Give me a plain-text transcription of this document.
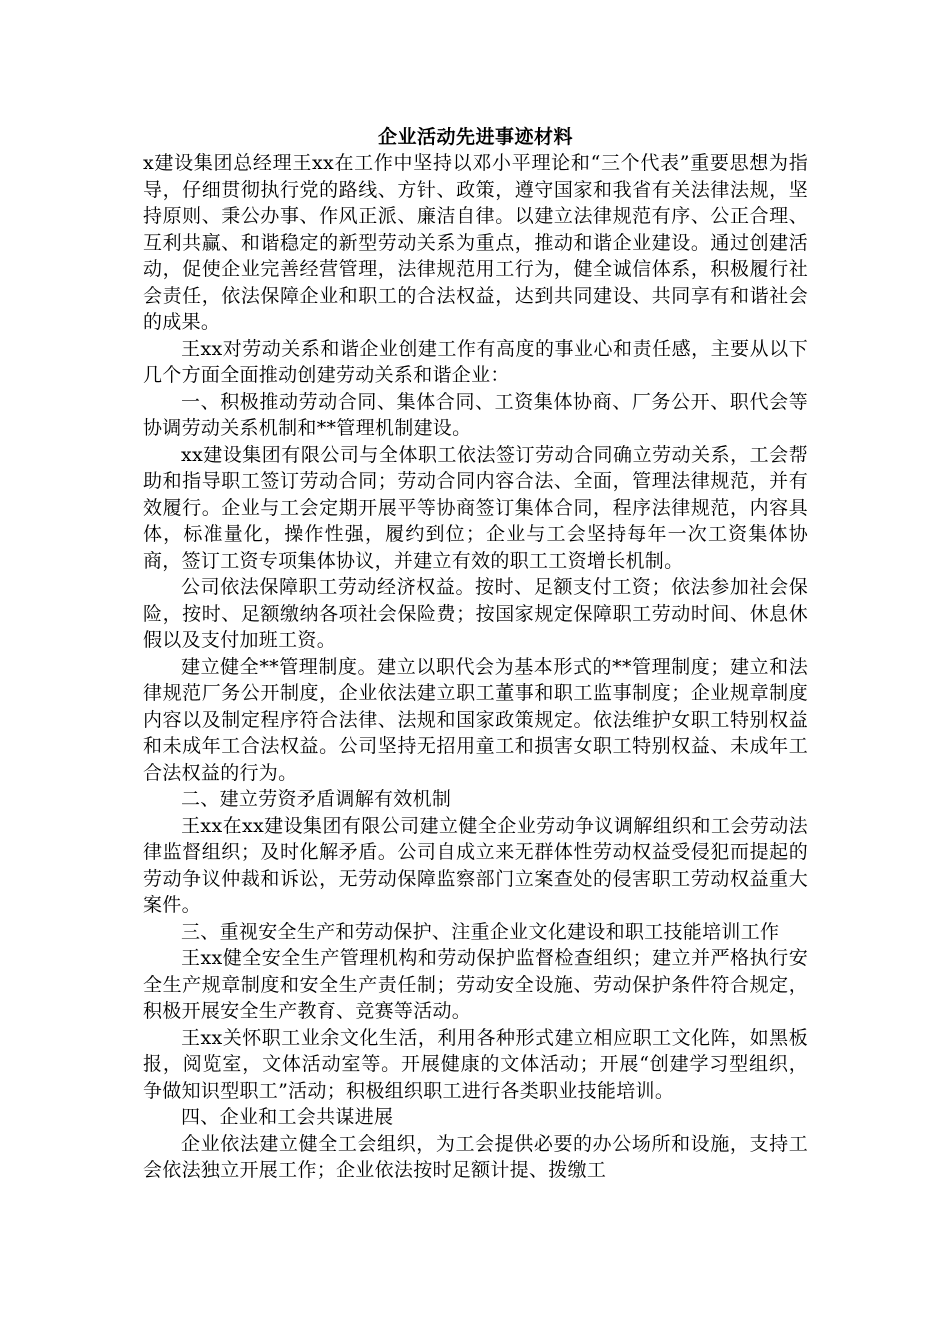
企业活动先进事迹材料

x建设集团总经理王xx在工作中坚持以邓小平理论和“三个代表”重要思想为指导，仔细贯彻执行党的路线、方针、政策，遵守国家和我省有关法律法规，坚持原则、秉公办事、作风正派、廉洁自律。以建立法律规范有序、公正合理、互利共赢、和谐稳定的新型劳动关系为重点，推动和谐企业建设。通过创建活动，促使企业完善经营管理，法律规范用工行为，健全诚信体系，积极履行社会责任，依法保障企业和职工的合法权益，达到共同建设、共同享有和谐社会的成果。

王xx对劳动关系和谐企业创建工作有高度的事业心和责任感，主要从以下几个方面全面推动创建劳动关系和谐企业：

一、积极推动劳动合同、集体合同、工资集体协商、厂务公开、职代会等协调劳动关系机制和**管理机制建设。

xx建设集团有限公司与全体职工依法签订劳动合同确立劳动关系，工会帮助和指导职工签订劳动合同；劳动合同内容合法、全面，管理法律规范，并有效履行。企业与工会定期开展平等协商签订集体合同，程序法律规范，内容具体，标准量化，操作性强，履约到位；企业与工会坚持每年一次工资集体协商，签订工资专项集体协议，并建立有效的职工工资增长机制。

公司依法保障职工劳动经济权益。按时、足额支付工资；依法参加社会保险，按时、足额缴纳各项社会保险费；按国家规定保障职工劳动时间、休息休假以及支付加班工资。

建立健全**管理制度。建立以职代会为基本形式的**管理制度；建立和法律规范厂务公开制度，企业依法建立职工董事和职工监事制度；企业规章制度内容以及制定程序符合法律、法规和国家政策规定。依法维护女职工特别权益和未成年工合法权益。公司坚持无招用童工和损害女职工特别权益、未成年工合法权益的行为。

二、建立劳资矛盾调解有效机制

王xx在xx建设集团有限公司建立健全企业劳动争议调解组织和工会劳动法律监督组织；及时化解矛盾。公司自成立来无群体性劳动权益受侵犯而提起的劳动争议仲裁和诉讼，无劳动保障监察部门立案查处的侵害职工劳动权益重大案件。

三、重视安全生产和劳动保护、注重企业文化建设和职工技能培训工作

王xx健全安全生产管理机构和劳动保护监督检查组织；建立并严格执行安全生产规章制度和安全生产责任制；劳动安全设施、劳动保护条件符合规定，积极开展安全生产教育、竞赛等活动。

王xx关怀职工业余文化生活，利用各种形式建立相应职工文化阵，如黑板报，阅览室，文体活动室等。开展健康的文体活动；开展“创建学习型组织，争做知识型职工”活动；积极组织职工进行各类职业技能培训。

四、企业和工会共谋进展

企业依法建立健全工会组织，为工会提供必要的办公场所和设施，支持工会依法独立开展工作；企业依法按时足额计提、拨缴工
